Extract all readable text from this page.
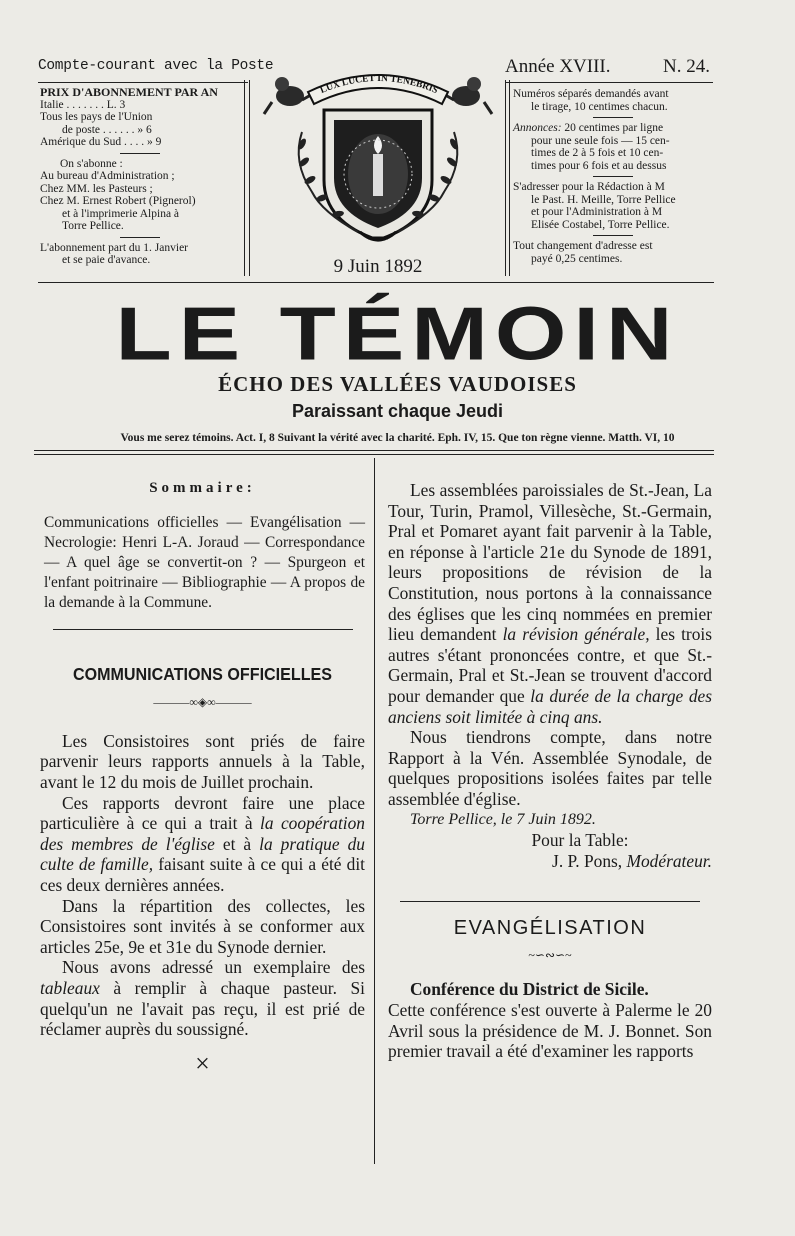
Compte-courant avec la Poste	Année XVIII.	N. 24.

PRIX D'ABONNEMENT PAR AN

Italie . . . . . . . L. 3

Tous les pays de l'Union

de poste . . . . . . » 6

Amérique du Sud . . . . » 9

On s'abonne :

Au bureau d'Administration ;

Chez MM. les Pasteurs ;

Chez M. Ernest Robert (Pignerol)

et à l'imprimerie Alpina à

Torre Pellice.

L'abonnement part du 1. Janvier

et se paie d'avance.

LUX LUCET IN TENEBRIS
9 Juin 1892

Numéros séparés demandés avant

le tirage, 10 centimes chacun.

Annonces: 20 centimes par ligne

pour une seule fois — 15 cen-

times de 2 à 5 fois et 10 cen-

times pour 6 fois et au dessus

S'adresser pour la Rédaction à M

le Past. H. Meille, Torre Pellice

et pour l'Administration à M

Elisée Costabel, Torre Pellice.

Tout changement d'adresse est

payé 0,25 centimes.

LE TÉMOIN
ÉCHO DES VALLÉES VAUDOISES
Paraissant chaque Jeudi
Vous me serez témoins. Act. I, 8 Suivant la vérité avec la charité. Eph. IV, 15. Que ton règne vienne. Matth. VI, 10
Sommaire:

Communications officielles — Evangélisation — Necrologie: Henri L-A. Joraud — Correspondance — A quel âge se convertit-on ? — Spurgeon et l'enfant poitrinaire — Bibliographie — A propos de la demande à la Commune.

COMMUNICATIONS OFFICIELLES
———∞◈∞———

Les Consistoires sont priés de faire parvenir leurs rapports annuels à la Table, avant le 12 du mois de Juillet prochain.

Ces rapports devront faire une place particulière à ce qui a trait à la coopération des membres de l'église et à la pratique du culte de famille, faisant suite à ce qui a été dit ces deux dernières années.

Dans la répartition des collectes, les Consistoires sont invités à se conformer aux articles 25e, 9e et 31e du Synode dernier.

Nous avons adressé un exemplaire des tableaux à remplir à chaque pasteur. Si quelqu'un ne l'avait pas reçu, il est prié de réclamer auprès du soussigné.

×

Les assemblées paroissiales de St.-Jean, La Tour, Turin, Pramol, Villesèche, St.-Germain, Pral et Pomaret ayant fait parvenir à la Table, en réponse à l'article 21e du Synode de 1891, leurs propositions de révision de la Constitution, nous portons à la connaissance des églises que les cinq nommées en premier lieu demandent la révision générale, les trois autres s'étant prononcées contre, et que St.-Germain, Pral et St.-Jean se trouvent d'accord pour demander que la durée de la charge des anciens soit limitée à cinq ans.

Nous tiendrons compte, dans notre Rapport à la Vén. Assemblée Synodale, de quelques propositions isolées faites par telle assemblée d'église.

Torre Pellice, le 7 Juin 1892.

Pour la Table:
J. P. Pons, Modérateur.
EVANGÉLISATION
~∽∾∽~

Conférence du District de Sicile.

Cette conférence s'est ouverte à Palerme le 20 Avril sous la présidence de M. J. Bonnet. Son premier travail a été d'examiner les rapports
